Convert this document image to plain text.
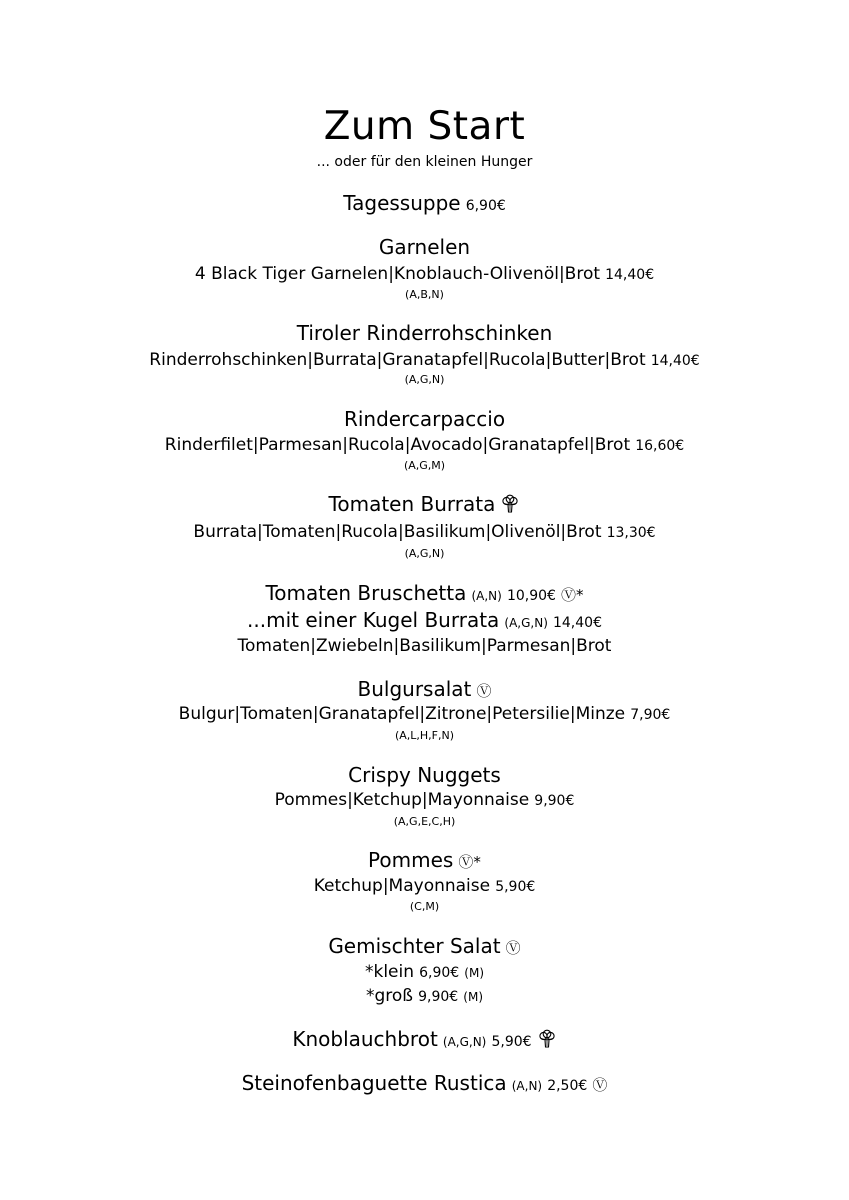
Zum Start
... oder für den kleinen Hunger
Tagessuppe 6,90€
Garnelen
4 Black Tiger Garnelen|Knoblauch-Olivenöl|Brot 14,40€
(A,B,N)
Tiroler Rinderrohschinken
Rinderrohschinken|Burrata|Granatapfel|Rucola|Butter|Brot 14,40€
(A,G,N)
Rindercarpaccio
Rinderfilet|Parmesan|Rucola|Avocado|Granatapfel|Brot 16,60€
(A,G,M)
Tomaten Burrata
Burrata|Tomaten|Rucola|Basilikum|Olivenöl|Brot 13,30€
(A,G,N)
Tomaten Bruschetta (A,N) 10,90€ Ⓥ*
...mit einer Kugel Burrata (A,G,N) 14,40€
Tomaten|Zwiebeln|Basilikum|Parmesan|Brot
Bulgursalat Ⓥ
Bulgur|Tomaten|Granatapfel|Zitrone|Petersilie|Minze 7,90€
(A,L,H,F,N)
Crispy Nuggets
Pommes|Ketchup|Mayonnaise 9,90€
(A,G,E,C,H)
Pommes Ⓥ*
Ketchup|Mayonnaise 5,90€
(C,M)
Gemischter Salat Ⓥ
*klein 6,90€ (M)
*groß 9,90€ (M)
Knoblauchbrot (A,G,N) 5,90€
Steinofenbaguette Rustica (A,N) 2,50€ Ⓥ
